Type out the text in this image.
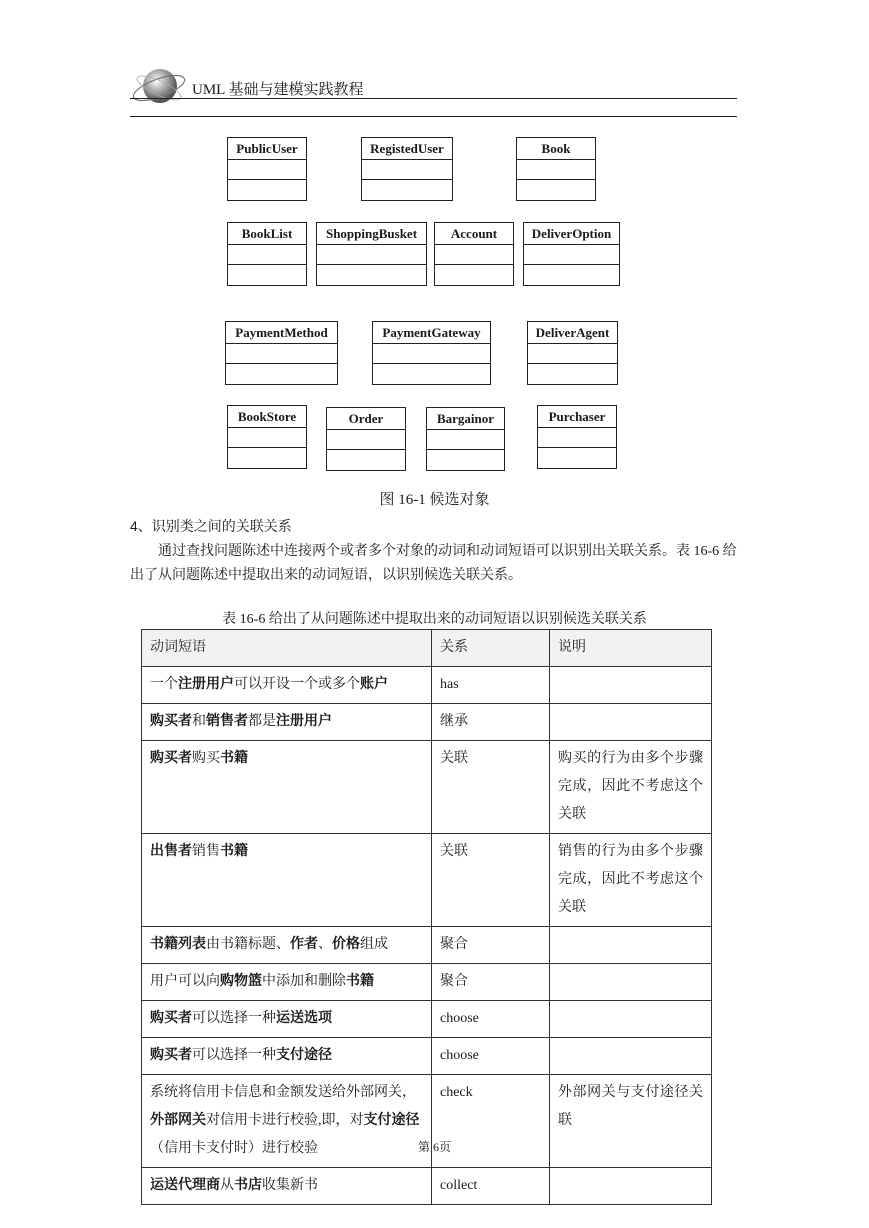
UML 基础与建模实践教程
PublicUser	RegistedUser	Book
BookList	ShoppingBusket	Account	DeliverOption
PaymentMethod	PaymentGateway	DeliverAgent
BookStore	Order	Bargainor	Purchaser
图 16-1 候选对象
4、识别类之间的关联关系
通过查找问题陈述中连接两个或者多个对象的动词和动词短语可以识别出关联关系。表 16-6 给出了从问题陈述中提取出来的动词短语，以识别候选关联关系。
表 16-6 给出了从问题陈述中提取出来的动词短语以识别候选关联关系
动词短语	关系	说明
一个注册用户可以开设一个或多个账户	has	
购买者和销售者都是注册用户	继承	
购买者购买书籍	关联	购买的行为由多个步骤完成，因此不考虑这个关联
出售者销售书籍	关联	销售的行为由多个步骤完成，因此不考虑这个关联
书籍列表由书籍标题、作者、价格组成	聚合	
用户可以向购物篮中添加和删除书籍	聚合	
购买者可以选择一种运送选项	choose	
购买者可以选择一种支付途径	choose	
系统将信用卡信息和金额发送给外部网关，外部网关对信用卡进行校验,即，对支付途径（信用卡支付时）进行校验	check	外部网关与支付途径关联
运送代理商从书店收集新书	collect	
第 6页
